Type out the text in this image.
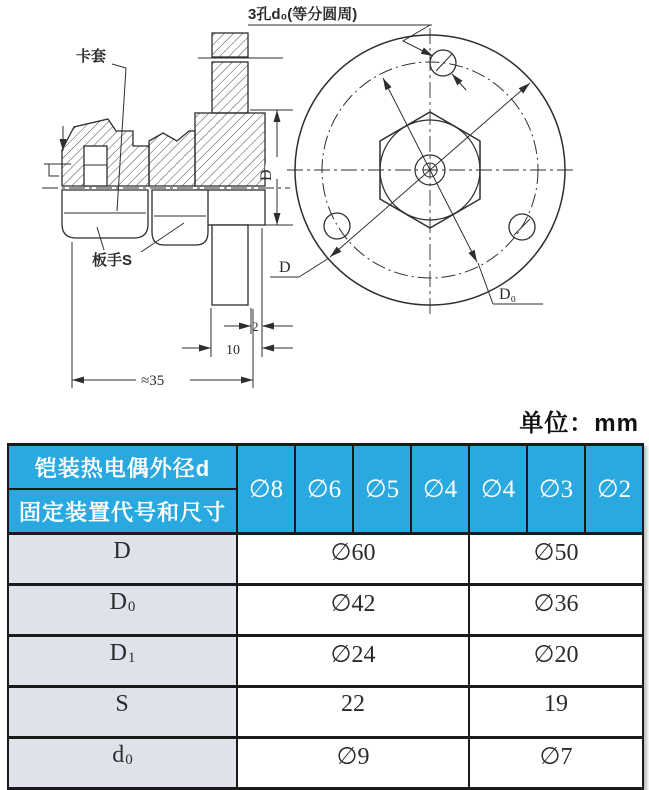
卡套
板手S
D
2
10
≈35
3孔d₀(等分圆周)
D
D₀
单位：mm
铠装热电偶外径d	∅8	∅6	∅5	∅4	∅4	∅3	∅2
固定装置代号和尺寸							
D	∅60				∅50		
D0	∅42				∅36		
D1	∅24				∅20		
S	22				19		
d0	∅9				∅7		
